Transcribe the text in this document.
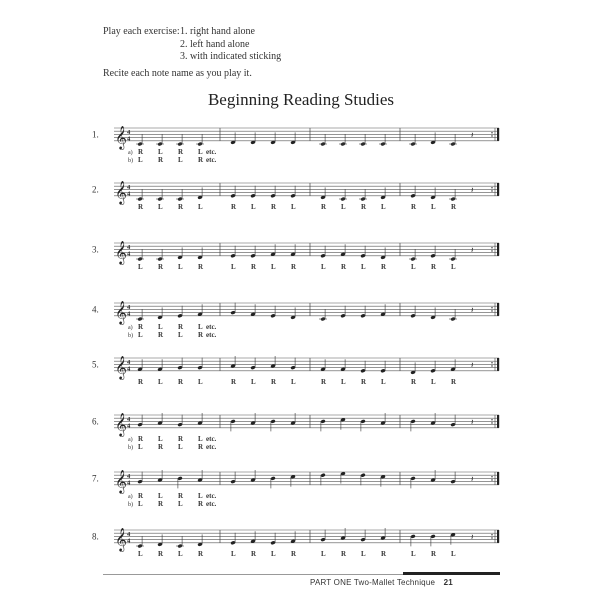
Play each exercise: 1. right hand alone
2. left hand alone
3. with indicated sticking
Recite each note name as you play it.
Beginning Reading Studies
1. 𝄞 4
4	𝄽
a) R L R L etc.
b) L R L R etc.
2. 𝄞 4
4	𝄽
R L R L	R L R L	R L R L	R L R
3. 𝄞 4
4	𝄽
L R L R	L R L R	L R L R	L R L
4. 𝄞 4
4	𝄽
a) R L R L etc.
b) L R L R etc.
5. 𝄞 4
4	𝄽
R L R L	R L R L	R L R L	R L R
6. 𝄞 4
4	𝄽
a) R L R L etc.
b) L R L R etc.
7. 𝄞 4
4	𝄽
a) R L R L etc.
b) L R L R etc.
8. 𝄞 4
4	𝄽
L R L R	L R L R	L R L R	L R L
PART ONE Two-Mallet Technique 21
